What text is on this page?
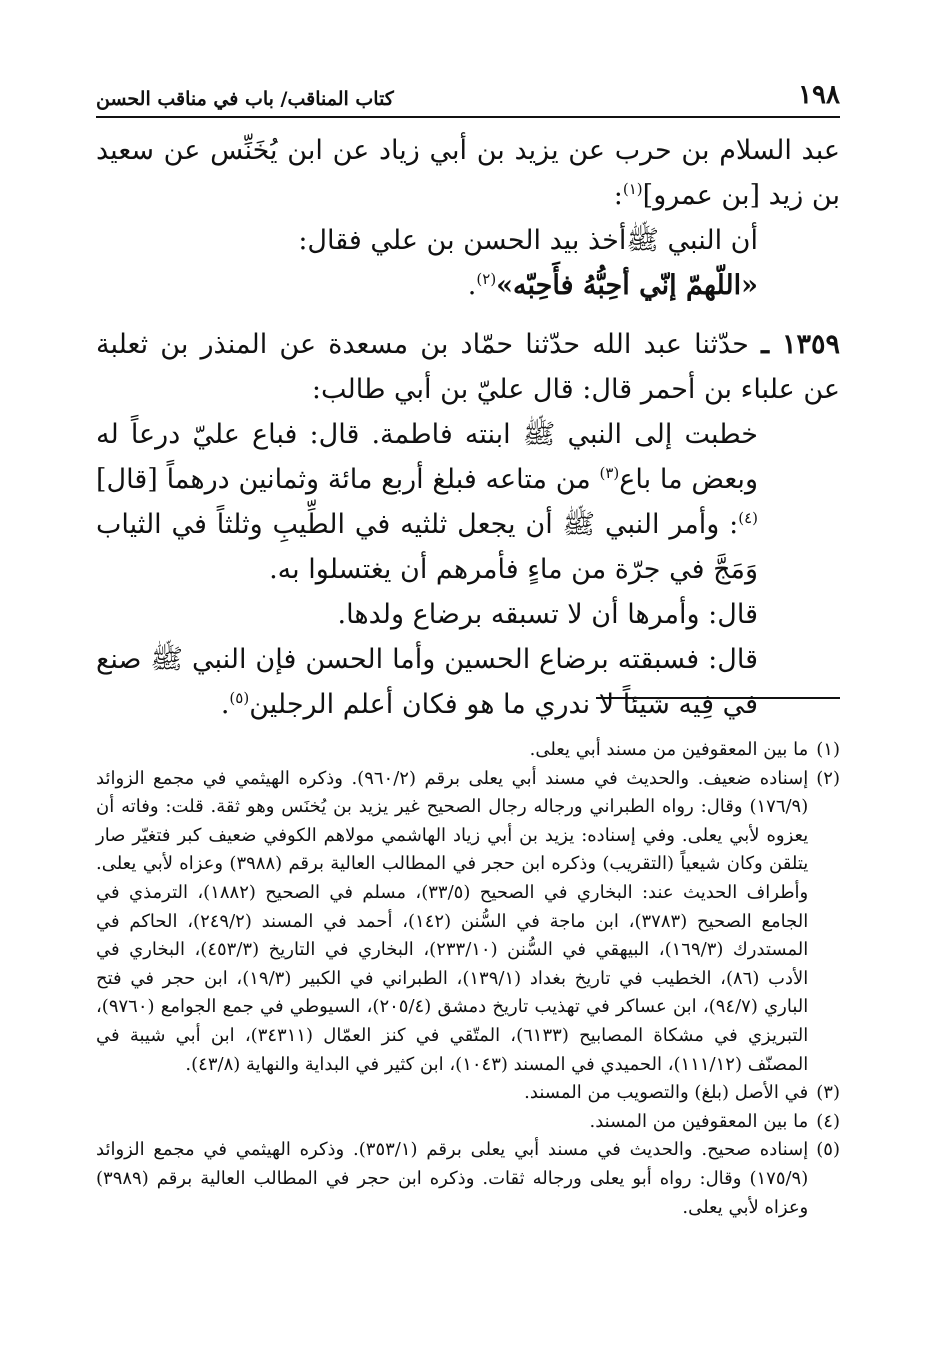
١٩٨
كتاب المناقب/ باب في مناقب الحسن

عبد السلام بن حرب عن يزيد بن أبي زياد عن ابن يُخَنِّس عن سعيد بن زيد [بن عمرو]$^{(١)}$:

أن النبي ﷺأخذ بيد الحسن بن علي فقال:

«اللّهمّ إنّي أحِبُّهُ فأَحِبّه»$^{(٢)}$.

١٣٥٩ ـ حدّثنا عبد الله حدّثنا حمّاد بن مسعدة عن المنذر بن ثعلبة عن علباء بن أحمر قال: قال عليّ بن أبي طالب:

خطبت إلى النبي ﷺ ابنته فاطمة. قال: فباع عليّ درعاً له وبعض ما باع$^{(٣)}$ من متاعه فبلغ أربع مائة وثمانين درهماً [قال]$^{(٤)}$: وأمر النبي ﷺ أن يجعل ثلثيه في الطِّيبِ وثلثاً في الثياب وَمَجَّ في جرّة من ماءٍ فأمرهم أن يغتسلوا به.

قال: وأمرها أن لا تسبقه برضاع ولدها.

قال: فسبقته برضاع الحسين وأما الحسن فإن النبي ﷺ صنع في فِيه شيئاً لا ندري ما هو فكان أعلم الرجلين$^{(٥)}$.

(١)
ما بين المعقوفين من مسند أبي يعلى.

(٢)
إسناده ضعيف. والحديث في مسند أبي يعلى برقم (٩٦٠/٢). وذكره الهيثمي في مجمع الزوائد (١٧٦/٩) وقال: رواه الطبراني ورجاله رجال الصحيح غير يزيد بن يُخنَس وهو ثقة. قلت: وفاته أن يعزوه لأبي يعلى. وفي إسناده: يزيد بن أبي زياد الهاشمي مولاهم الكوفي ضعيف كبر فتغيّر صار يتلقن وكان شيعياً (التقريب) وذكره ابن حجر في المطالب العالية برقم (٣٩٨٨) وعزاه لأبي يعلى. وأطراف الحديث عند: البخاري في الصحيح (٣٣/٥)، مسلم في الصحيح (١٨٨٢)، الترمذي في الجامع الصحيح (٣٧٨٣)، ابن ماجة في السُّنن (١٤٢)، أحمد في المسند (٢٤٩/٢)، الحاكم في المستدرك (١٦٩/٣)، البيهقي في السُّنن (٢٣٣/١٠)، البخاري في التاريخ (٤٥٣/٣)، البخاري في الأدب (٨٦)، الخطيب في تاريخ بغداد (١٣٩/١)، الطبراني في الكبير (١٩/٣)، ابن حجر في فتح الباري (٩٤/٧)، ابن عساكر في تهذيب تاريخ دمشق (٢٠٥/٤)، السيوطي في جمع الجوامع (٩٧٦٠)، التبريزي في مشكاة المصابيح (٦١٣٣)، المتّقي في كنز العمّال (٣٤٣١١)، ابن أبي شيبة في المصنّف (١١١/١٢)، الحميدي في المسند (١٠٤٣)، ابن كثير في البداية والنهاية (٤٣/٨).

(٣)
في الأصل (بلغ) والتصويب من المسند.

(٤)
ما بين المعقوفين من المسند.

(٥)
إسناده صحيح. والحديث في مسند أبي يعلى برقم (٣٥٣/١). وذكره الهيثمي في مجمع الزوائد (١٧٥/٩) وقال: رواه أبو يعلى ورجاله ثقات. وذكره ابن حجر في المطالب العالية برقم (٣٩٨٩) وعزاه لأبي يعلى.
